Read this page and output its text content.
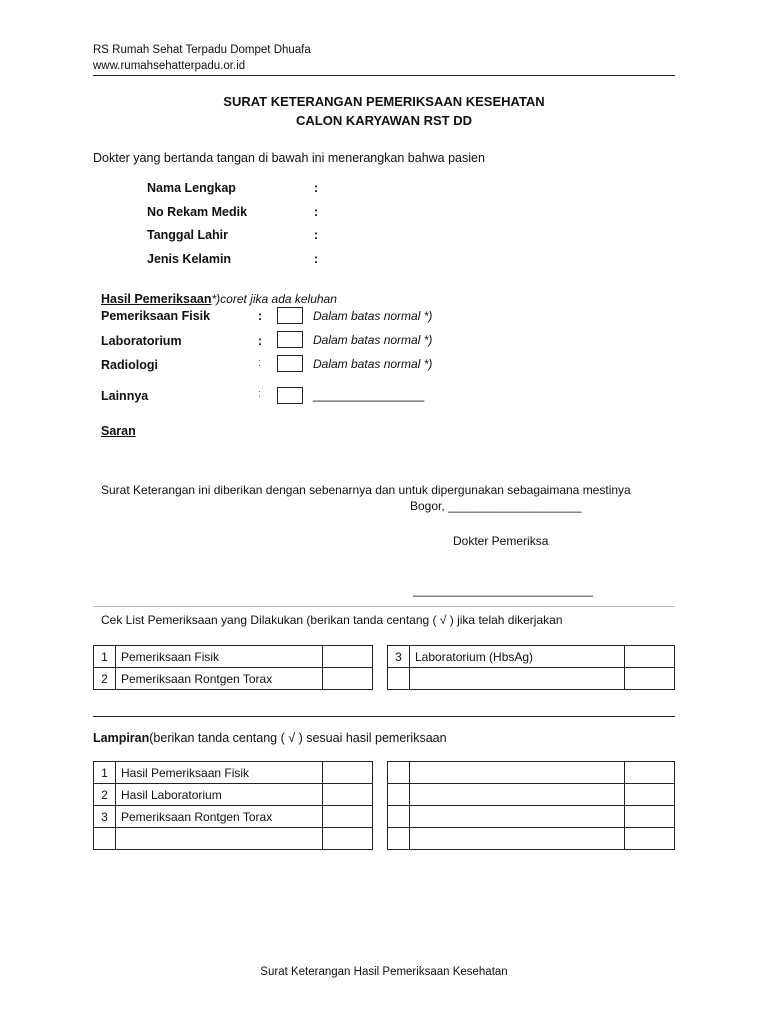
RS Rumah Sehat Terpadu Dompet Dhuafa
www.rumahsehatterpadu.or.id
SURAT KETERANGAN PEMERIKSAAN KESEHATAN
CALON KARYAWAN RST DD
Dokter yang bertanda tangan di bawah ini menerangkan bahwa pasien
Nama Lengkap	:
No Rekam Medik	:
Tanggal Lahir	:
Jenis Kelamin	:
Hasil Pemeriksaan*)coret jika ada keluhan
Pemeriksaan Fisik	:	Dalam batas normal *)
Laboratorium	:	Dalam batas normal *)
Radiologi	:	Dalam batas normal *)
Lainnya	:	________________
Saran
Surat Keterangan ini diberikan dengan sebenarnya dan untuk dipergunakan sebagaimana mestinya
Bogor, ____________________
Dokter Pemeriksa
___________________________
Cek List Pemeriksaan yang Dilakukan (berikan tanda centang ( √ ) jika telah dikerjakan
1	Pemeriksaan Fisik	
2	Pemeriksaan Rontgen Torax	
3	Laboratorium (HbsAg)	

Lampiran(berikan tanda centang ( √ ) sesuai hasil pemeriksaan
1	Hasil Pemeriksaan Fisik	
2	Hasil Laboratorium	
3	Pemeriksaan Rontgen Torax	

Surat Keterangan Hasil Pemeriksaan Kesehatan
